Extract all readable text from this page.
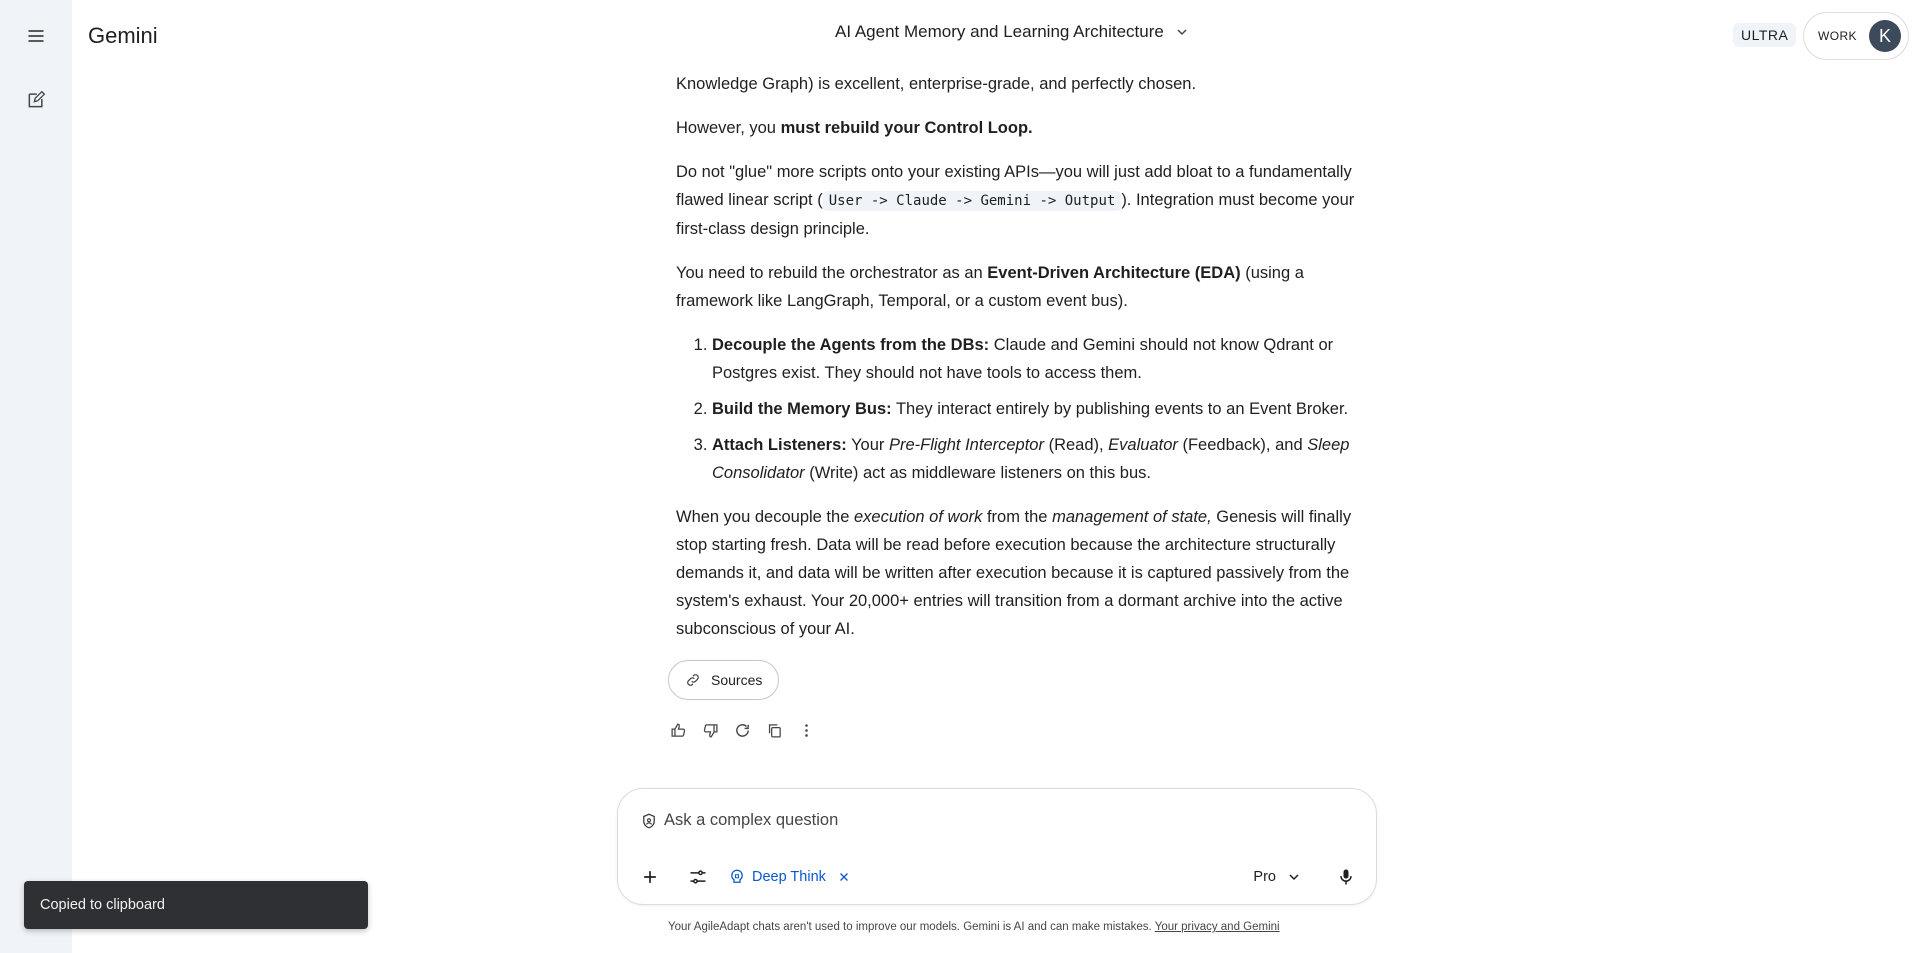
Gemini	AI Agent Memory and Learning Architecture	ULTRA	WORK	K

Knowledge Graph) is excellent, enterprise-grade, and perfectly chosen.

However, you must rebuild your Control Loop.

Do not "glue" more scripts onto your existing APIs—you will just add bloat to a fundamentally flawed linear script ( User -> Claude -> Gemini -> Output ). Integration must become your first-class design principle.

You need to rebuild the orchestrator as an Event-Driven Architecture (EDA) (using a framework like LangGraph, Temporal, or a custom event bus).

1. Decouple the Agents from the DBs: Claude and Gemini should not know Qdrant or Postgres exist. They should not have tools to access them.
2. Build the Memory Bus: They interact entirely by publishing events to an Event Broker.
3. Attach Listeners: Your Pre-Flight Interceptor (Read), Evaluator (Feedback), and Sleep Consolidator (Write) act as middleware listeners on this bus.

When you decouple the execution of work from the management of state, Genesis will finally stop starting fresh. Data will be read before execution because the architecture structurally demands it, and data will be written after execution because it is captured passively from the system's exhaust. Your 20,000+ entries will transition from a dormant archive into the active subconscious of your AI.

Sources
Ask a complex question
Deep Think	Pro
Your AgileAdapt chats aren't used to improve our models. Gemini is AI and can make mistakes. Your privacy and Gemini
Copied to clipboard
